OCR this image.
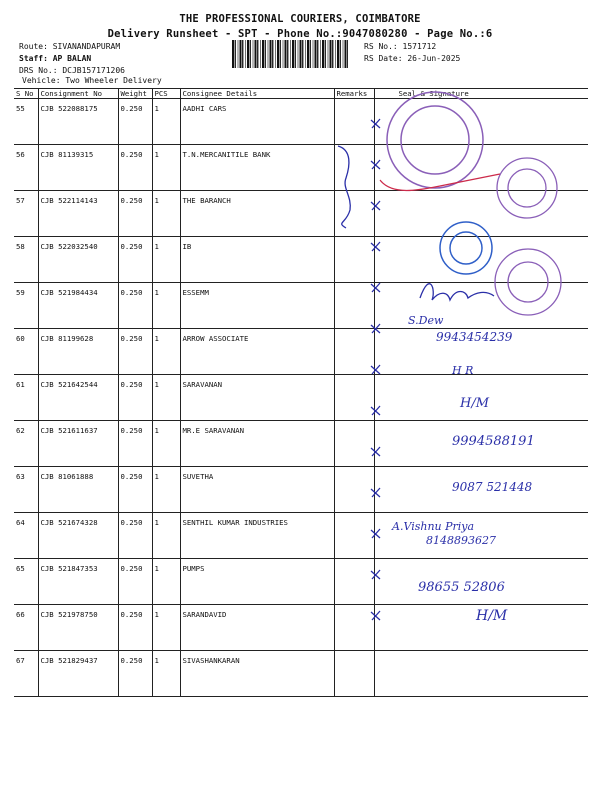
THE PROFESSIONAL COURIERS, COIMBATORE
Delivery Runsheet - SPT - Phone No.:9047080280 - Page No.:6
Route: SIVANANDAPURAM
Staff: AP BALAN
DRS No.: DCJB157171206
Vehicle: Two Wheeler Delivery
RS No.: 1571712
RS Date: 26-Jun-2025
S No	Consignment No	Weight	PCS	Consignee Details	Remarks	Seal & Signature
55	CJB 522088175	0.250	1	AADHI CARS		
56	CJB 81139315	0.250	1	T.N.MERCANITILE BANK		
57	CJB 522114143	0.250	1	THE BARANCH		
58	CJB 522032540	0.250	1	IB		
59	CJB 521984434	0.250	1	ESSEMM		
60	CJB 81199628	0.250	1	ARROW ASSOCIATE		
61	CJB 521642544	0.250	1	SARAVANAN		
62	CJB 521611637	0.250	1	MR.E SARAVANAN		
63	CJB 81061888	0.250	1	SUVETHA		
64	CJB 521674328	0.250	1	SENTHIL KUMAR INDUSTRIES		
65	CJB 521847353	0.250	1	PUMPS		
66	CJB 521978750	0.250	1	SARANDAVID		
67	CJB 521829437	0.250	1	SIVASHANKARAN		
S.Dew
9943454239
H R
H/M
9994588191
9087 521448
A.Vishnu Priya
8148893627
98655 52806
H/M
